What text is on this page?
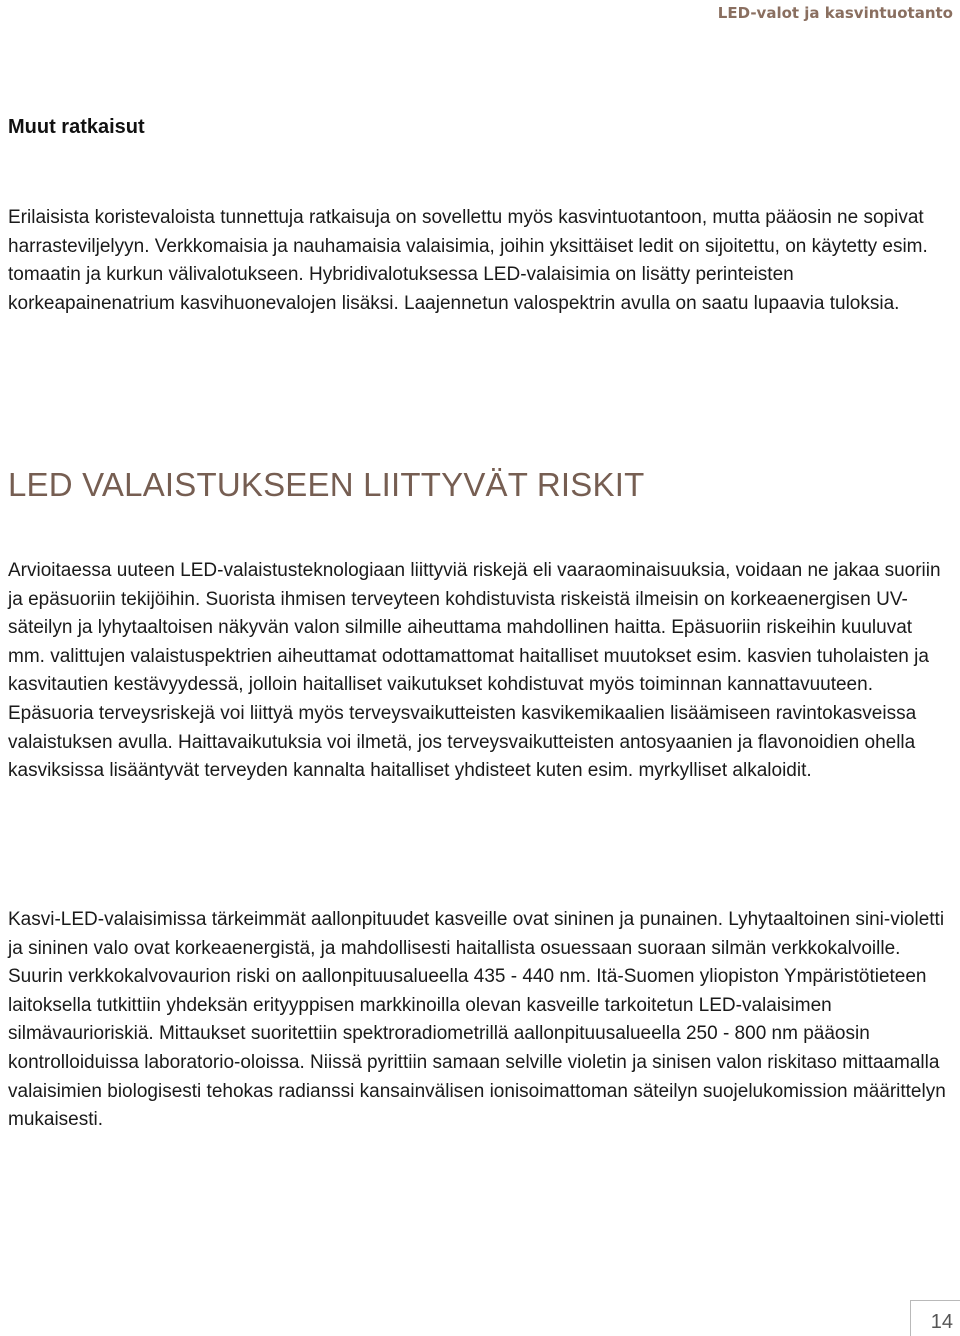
LED-valot ja kasvintuotanto
Muut ratkaisut

Erilaisista koristevaloista tunnettuja ratkaisuja on sovellettu myös kasvintuotantoon, mutta pääosin ne sopivat harrasteviljelyyn. Verkkomaisia ja nauhamaisia valaisimia, joihin yksittäiset ledit on sijoitettu, on käytetty esim. tomaatin ja kurkun välivalotukseen. Hybridivalotuksessa LED-valaisimia on lisätty perinteisten korkeapainenatrium kasvihuonevalojen lisäksi. Laajennetun valospektrin avulla on saatu lupaavia tuloksia.

LED VALAISTUKSEEN LIITTYVÄT RISKIT

Arvioitaessa uuteen LED-valaistusteknologiaan liittyviä riskejä eli vaaraominaisuuksia, voidaan ne jakaa suoriin ja epäsuoriin tekijöihin. Suorista ihmisen terveyteen kohdistuvista riskeistä ilmeisin on korkeaenergisen UV-säteilyn ja lyhytaaltoisen näkyvän valon silmille aiheuttama mahdollinen haitta. Epäsuoriin riskeihin kuuluvat mm. valittujen valaistuspektrien aiheuttamat odottamattomat haitalliset muutokset esim. kasvien tuholaisten ja kasvitautien kestävyydessä, jolloin haitalliset vaikutukset kohdistuvat myös toiminnan kannattavuuteen. Epäsuoria terveysriskejä voi liittyä myös terveysvaikutteisten kasvikemikaalien lisäämiseen ravintokasveissa valaistuksen avulla. Haittavaikutuksia voi ilmetä, jos terveysvaikutteisten antosyaanien ja flavonoidien ohella kasviksissa lisääntyvät terveyden kannalta haitalliset yhdisteet kuten esim. myrkylliset alkaloidit.

Kasvi-LED-valaisimissa tärkeimmät aallonpituudet kasveille ovat sininen ja punainen. Lyhytaaltoinen sini-violetti ja sininen valo ovat korkeaenergistä, ja mahdollisesti haitallista osuessaan suoraan silmän verkkokalvoille. Suurin verkkokalvovaurion riski on aallonpituusalueella 435 - 440 nm. Itä-Suomen yliopiston Ympäristötieteen laitoksella tutkittiin yhdeksän erityyppisen markkinoilla olevan kasveille tarkoitetun LED-valaisimen silmävaurioriskiä. Mittaukset suoritettiin spektroradiometrillä aallonpituusalueella 250 - 800 nm pääosin kontrolloiduissa laboratorio-oloissa. Niissä pyrittiin samaan selville violetin ja sinisen valon riskitaso mittaamalla valaisimien biologisesti tehokas radianssi kansainvälisen ionisoimattoman säteilyn suojelukomission määrittelyn mukaisesti.

14
